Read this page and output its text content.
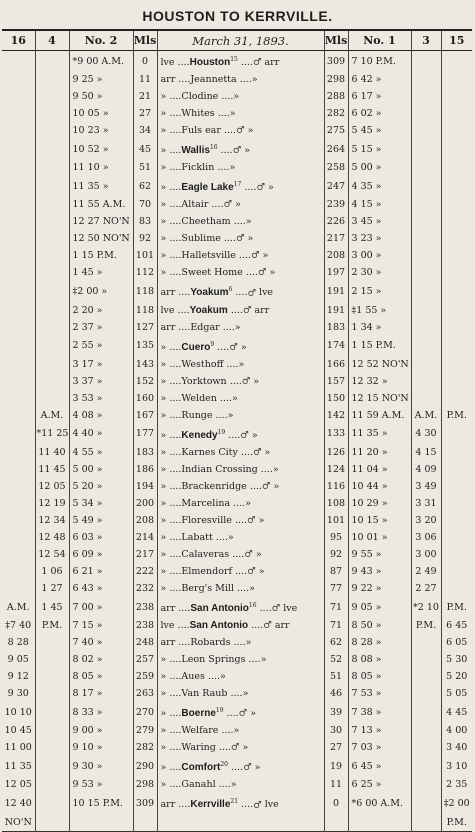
HOUSTON TO KERRVILLE.
16	4	No. 2	Mls	March 31, 1893.	Mls	No. 1	3	15
		*9 00 A.M.	0	lve ....Houston$^{15}$ ....♂ arr	309	7 10 P.M.		
		9 25 »	11	arr ....Jeannetta ....»	298	6 42 »		
		9 50 »	21	» ....Clodine ....»	288	6 17 »		
		10 05 »	27	» ....Whites ....»	282	6 02 »		
		10 23 »	34	» ....Fuls ear ....♂ »	275	5 45 »		
		10 52 »	45	» ....Wallis$^{16}$ ....♂ »	264	5 15 »		
		11 10 »	51	» ....Ficklin ....»	258	5 00 »		
		11 35 »	62	» ....Eagle Lake$^{17}$ ....♂ »	247	4 35 »		
		11 55 A.M.	70	» ....Altair ....♂ »	239	4 15 »		
		12 27 NO'N	83	» ....Cheetham ....»	226	3 45 »		
		12 50 NO'N	92	» ....Sublime ....♂ »	217	3 23 »		
		1 15 P.M.	101	» ....Halletsville ....♂ »	208	3 00 »		
		1 45 »	112	» ....Sweet Home ....♂ »	197	2 30 »		
		‡2 00 »	118	arr ....Yoakum$^6$ ....♂ lve	191	2 15 »		
		2 20 »	118	lve ....Yoakum ....♂ arr	191	‡1 55 »		
		2 37 »	127	arr ....Edgar ....»	183	1 34 »		
		2 55 »	135	» ....Cuero$^9$ ....♂ »	174	1 15 P.M.		
		3 17 »	143	» ....Westhoff ....»	166	12 52 NO'N		
		3 37 »	152	» ....Yorktown ....♂ »	157	12 32 »		
		3 53 »	160	» ....Welden ....»	150	12 15 NO'N		
	A.M.	4 08 »	167	» ....Runge ....»	142	11 59 A.M.	A.M.	P.M.
	*11 25	4 40 »	177	» ....Kenedy$^{19}$ ....♂ »	133	11 35 »	4 30	
	11 40	4 55 »	183	» ....Karnes City ....♂ »	126	11 20 »	4 15	
	11 45	5 00 »	186	» ....Indian Crossing ....»	124	11 04 »	4 09	
	12 05	5 20 »	194	» ....Brackenridge ....♂ »	116	10 44 »	3 49	
	12 19	5 34 »	200	» ....Marcelina ....»	108	10 29 »	3 31	
	12 34	5 49 »	208	» ....Floresville ....♂ »	101	10 15 »	3 20	
	12 48	6 03 »	214	» ....Labatt ....»	95	10 01 »	3 06	
	12 54	6 09 »	217	» ....Calaveras ....♂ »	92	9 55 »	3 00	
	1 06	6 21 »	222	» ....Elmendorf ....♂ »	87	9 43 »	2 49	
	1 27	6 43 »	232	» ....Berg's Mill ....»	77	9 22 »	2 27	
A.M.	1 45	7 00 »	238	arr ....San Antonio$^{16}$ ....♂ lve	71	9 05 »	*2 10	P.M.
‡7 40	P.M.	7 15 »	238	lve ....San Antonio ....♂ arr	71	8 50 »	P.M.	6 45
8 28		7 40 »	248	arr ....Robards ....»	62	8 28 »		6 05
9 05		8 02 »	257	» ....Leon Springs ....»	52	8 08 »		5 30
9 12		8 05 »	259	» ....Aues ....»	51	8 05 »		5 20
9 30		8 17 »	263	» ....Van Raub ....»	46	7 53 »		5 05
10 10		8 33 »	270	» ....Boerne$^{19}$ ....♂ »	39	7 38 »		4 45
10 45		9 00 »	279	» ....Welfare ....»	30	7 13 »		4 00
11 00		9 10 »	282	» ....Waring ....♂ »	27	7 03 »		3 40
11 35		9 30 »	290	» ....Comfort$^{20}$ ....♂ »	19	6 45 »		3 10
12 05		9 53 »	298	» ....Ganahl ....»	11	6 25 »		2 35
12 40		10 15 P.M.	309	arr ....Kerrville$^{21}$ ....♂ lve	0	*6 00 A.M.		‡2 00
NO'N								P.M.
